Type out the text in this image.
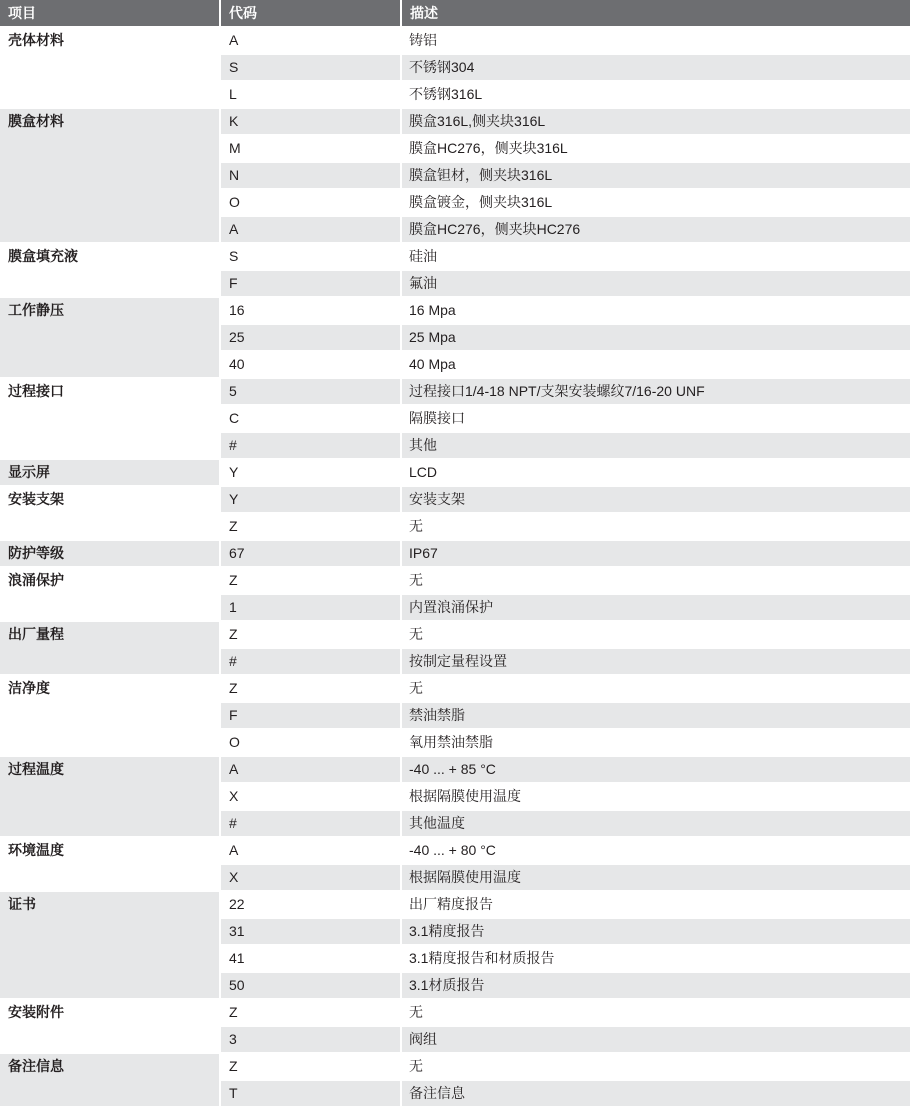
项目	代码	描述
壳体材料	A	铸铝
S	不锈钢304
L	不锈钢316L
膜盒材料	K	膜盒316L,侧夹块316L
M	膜盒HC276，侧夹块316L
N	膜盒钽材，侧夹块316L
O	膜盒镀金，侧夹块316L
A	膜盒HC276，侧夹块HC276
膜盒填充液	S	硅油
F	氟油
工作静压	16	16 Mpa
25	25 Mpa
40	40 Mpa
过程接口	5	过程接口1/4-18 NPT/支架安装螺纹7/16-20 UNF
C	隔膜接口
#	其他
显示屏	Y	LCD
安装支架	Y	安装支架
Z	无
防护等级	67	IP67
浪涌保护	Z	无
1	内置浪涌保护
出厂量程	Z	无
#	按制定量程设置
洁净度	Z	无
F	禁油禁脂
O	氧用禁油禁脂
过程温度	A	-40 ... + 85 °C
X	根据隔膜使用温度
#	其他温度
环境温度	A	-40 ... + 80 °C
X	根据隔膜使用温度
证书	22	出厂精度报告
31	3.1精度报告
41	3.1精度报告和材质报告
50	3.1材质报告
安装附件	Z	无
3	阀组
备注信息	Z	无
T	备注信息
